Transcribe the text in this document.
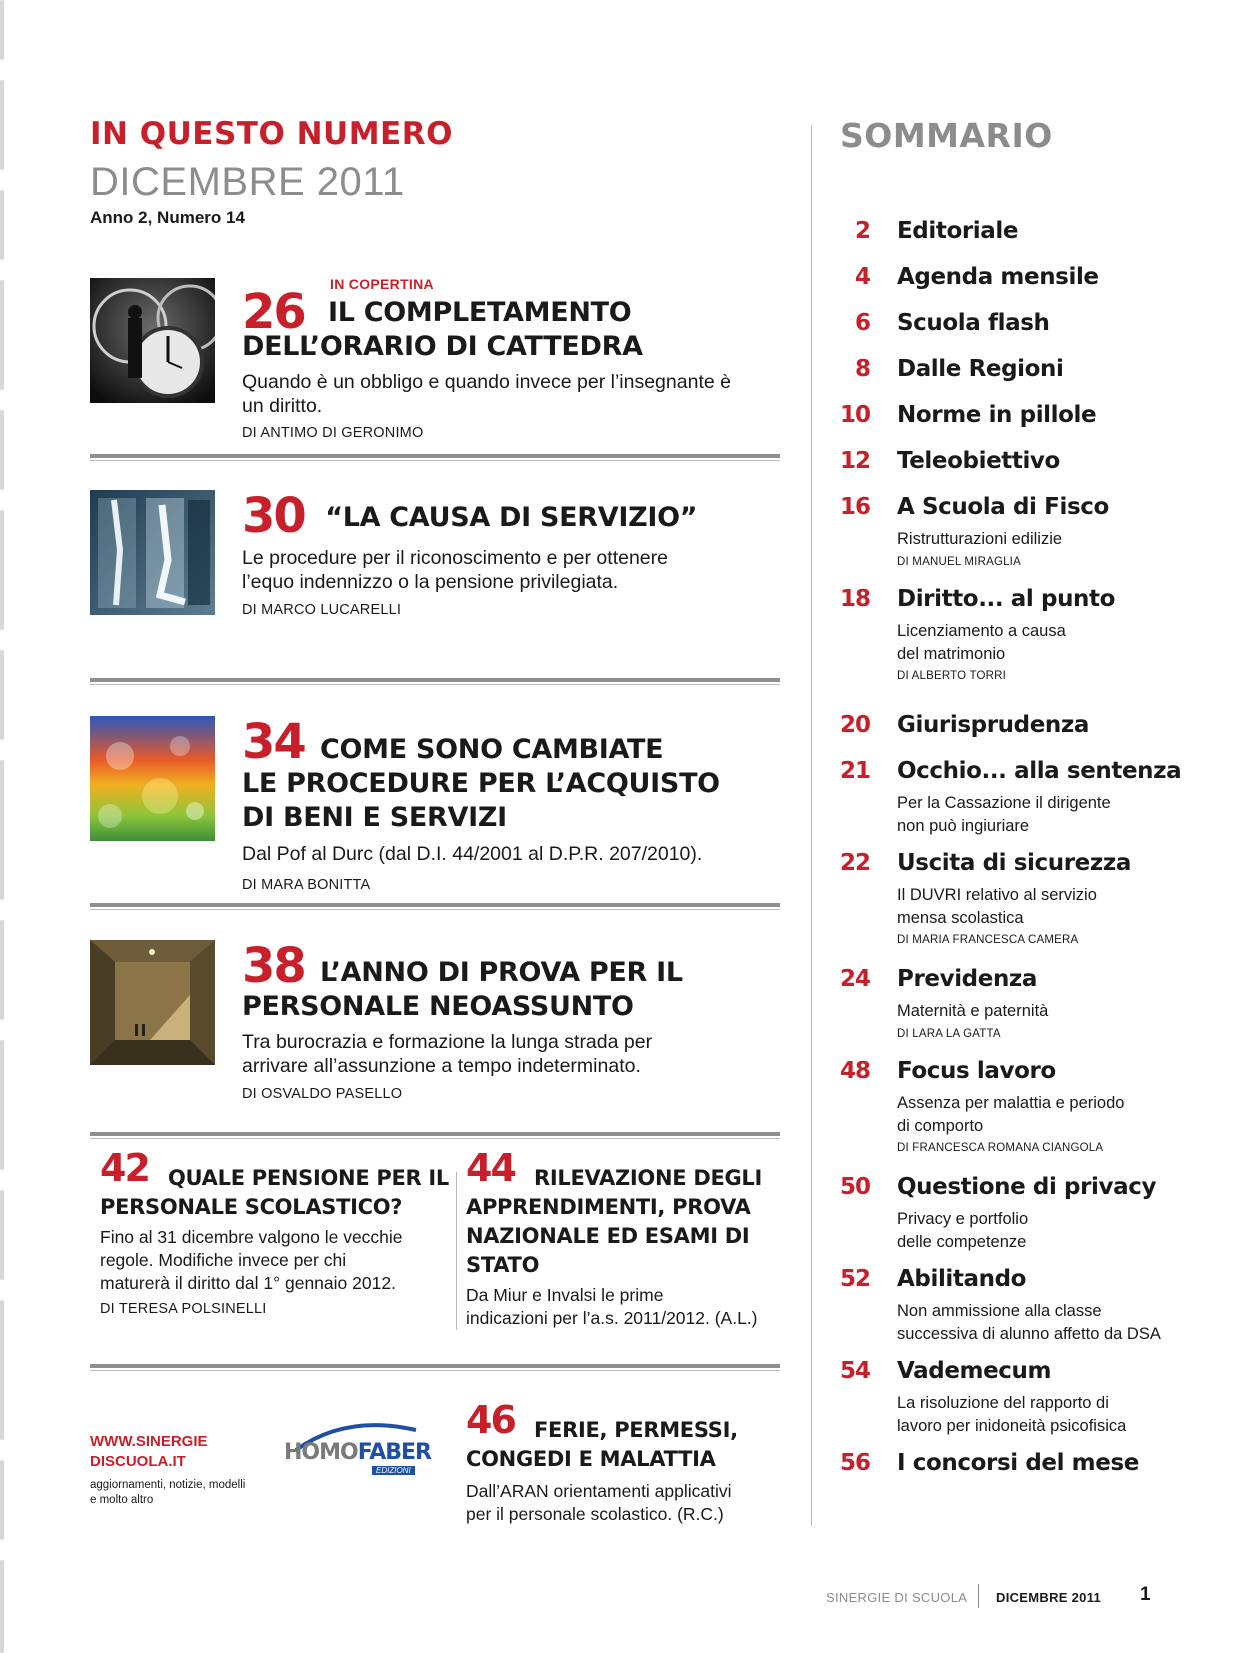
IN QUESTO NUMERO
DICEMBRE 2011
Anno 2, Numero 14
IN COPERTINA
26 IL COMPLETAMENTO
DELL’ORARIO DI CATTEDRA
Quando è un obbligo e quando invece per l’insegnante è
un diritto.
DI ANTIMO DI GERONIMO
30 “LA CAUSA DI SERVIZIO”
Le procedure per il riconoscimento e per ottenere
l’equo indennizzo o la pensione privilegiata.
DI MARCO LUCARELLI
34 COME SONO CAMBIATE
LE PROCEDURE PER L’ACQUISTO
DI BENI E SERVIZI
Dal Pof al Durc (dal D.I. 44/2001 al D.P.R. 207/2010).
DI MARA BONITTA
38 L’ANNO DI PROVA PER IL
PERSONALE NEOASSUNTO
Tra burocrazia e formazione la lunga strada per
arrivare all’assunzione a tempo indeterminato.
DI OSVALDO PASELLO
42 QUALE PENSIONE PER IL
PERSONALE SCOLASTICO?
Fino al 31 dicembre valgono le vecchie
regole. Modifiche invece per chi
maturerà il diritto dal 1° gennaio 2012.
DI TERESA POLSINELLI
44 RILEVAZIONE DEGLI
APPRENDIMENTI, PROVA
NAZIONALE ED ESAMI DI STATO
Da Miur e Invalsi le prime
indicazioni per l’a.s. 2011/2012. (A.L.)
WWW.SINERGIE
DISCUOLA.IT
aggiornamenti, notizie, modelli
e molto altro
HOMOFABER
EDIZIONI
46 FERIE, PERMESSI,
CONGEDI E MALATTIA
Dall’ARAN orientamenti applicativi
per il personale scolastico. (R.C.)
SOMMARIO
2 Editoriale
4 Agenda mensile
6 Scuola flash
8 Dalle Regioni
10 Norme in pillole
12 Teleobiettivo
16 A Scuola di Fisco
Ristrutturazioni edilizie
DI MANUEL MIRAGLIA
18 Diritto... al punto
Licenziamento a causa
del matrimonio
DI ALBERTO TORRI
20 Giurisprudenza
21 Occhio... alla sentenza
Per la Cassazione il dirigente
non può ingiuriare
22 Uscita di sicurezza
Il DUVRI relativo al servizio
mensa scolastica
DI MARIA FRANCESCA CAMERA
24 Previdenza
Maternità e paternità
DI LARA LA GATTA
48 Focus lavoro
Assenza per malattia e periodo
di comporto
DI FRANCESCA ROMANA CIANGOLA
50 Questione di privacy
Privacy e portfolio
delle competenze
52 Abilitando
Non ammissione alla classe
successiva di alunno affetto da DSA
54 Vademecum
La risoluzione del rapporto di
lavoro per inidoneità psicofisica
56 I concorsi del mese
SINERGIE DI SCUOLA DICEMBRE 2011 1
